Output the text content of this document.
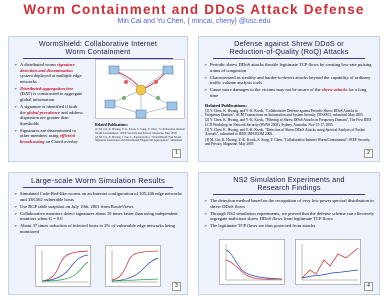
Worm Containment and DDoS Attack Defense
Min Cai and Yu Chen, { mincai, cheny} @usc.edu
WormShield: Collaborative Internet
Worm Containment
➢ A distributed worm signature detection and dissemination system deployed at multiple edge networks
➢ Distributed aggregation tree (DAT) is constructed to aggregate global information
➢ A signature is identified if both the global prevalence and address dispersion are greater than thresholds
➢ Signatures are disseminated to other members using efficient broadcasting on Chord overlay
Related Publications:
[1] M. Cai, K. Hwang, Y.-K. Kwok, S. Song, Y. Chen, "Collaborative Internet Worm Containment", IEEE Security and Privacy Magazine, May 2005
[2] M. Cai, K. Hwang, J. Pan, C. Papadopoulos, "WormShield: Fast Worm Signature Generation with Distributed Fingerprint Aggregation", submitted
1
Defense against Shrew DDoS or
Reduction-of-Quality (RoQ) Attacks
➢ Periodic shrew DDoS attacks throttle legitimate TCP flows by creating low-rate pulsing trains of congestion
➢ Characterized as stealthy and harder-to-detect attacks beyond the capability of ordinary traffic volume analysis tools
➢ Cause more damages to the victims may not be aware of the shrew attacks for a long time
Related Publications:
[1] Y. Chen, K. Hwang, and Y.-K. Kwok, "Collaborative Defense against Periodic Shrew DDoS Attacks in Frequency Domain", ACM Transactions on Information and System Security (TISSEC), submitted May 2005.
[2] Y. Chen, K. Hwang, and Y.-K. Kwok, "Filtering of Shrew DDoS Attacks in Frequency Domain", The First IEEE LCN Workshop on Network Security (WoNS 2005), Sydney, Australia, Nov 15-17, 2005.
[3] Y. Chen, K. Hwang, and Y.-K. Kwok, "Detection of Shrew DDoS Attacks using Spectral Analysis of Packet Arrivals", submitted to IEEE INFOCOM 2006.
[4] M. Cai, K. Hwang, Y.-K. Kwok, S. Song, Y. Chen, "Collaborative Internet Worm Containment", IEEE Security and Privacy Magazine, May 2005
2
Large-scale Worm Simulation Results
➢ Simulated Code-Red-like worms on an Internet configuration of 105,246 edge networks and 338,562 vulnerable hosts
➢ Use BGP table snapshot on July 19th, 2001 from RouteViews
➢ Collaborative monitors detect signatures about 10 times faster than using independent monitors when G = 0.0
➢ About 37 times reduction of infected hosts to 2% of vulnerable edge networks being monitored
3
NS2 Simulation Experiments and
Research Findings
➢ The detection method based on the recognition of very low power spectral distribution in shrew DDoS flows
➢ Through NS2 simulation experiments, we proved that the defense scheme can effectively segregate malicious shrew DDoS flows from legitimate TCP flows
➢ The legitimate TCP flows are thus protected from attacks
4
